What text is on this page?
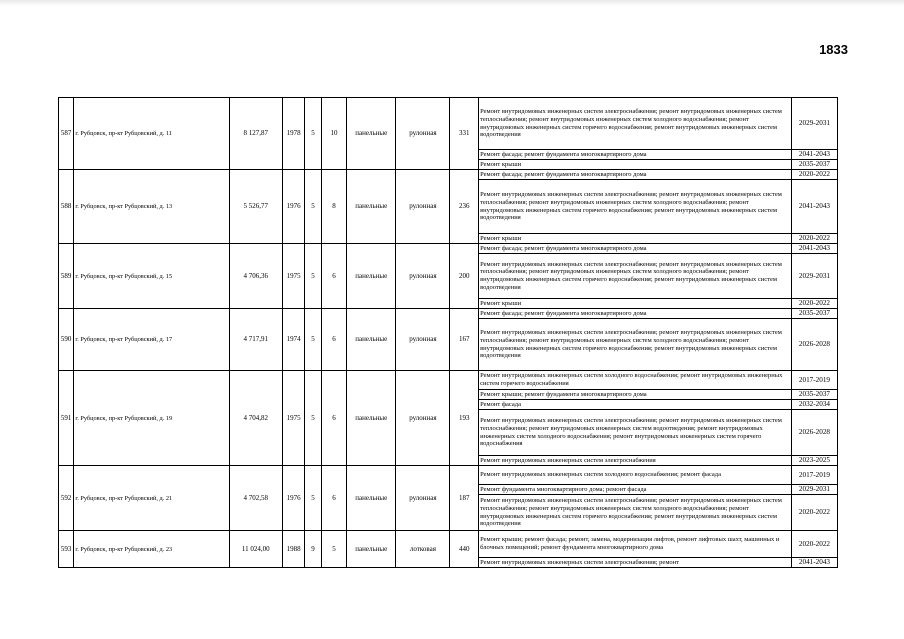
1833
587	г. Рубцовск, пр-кт Рубцовский, д. 11	8 127,87	1978	5	10	панельные	рулонная	331	Ремонт внутридомовых инженерных систем электроснабжения; ремонт внутридомовых инженерных систем теплоснабжения; ремонт внутридомовых инженерных систем холодного водоснабжения; ремонт внутридомовых инженерных систем горячего водоснабжения; ремонт внутридомовых инженерных систем водоотведения	2029-2031
									Ремонт фасада; ремонт фундамента многоквартирного дома	2041-2043
									Ремонт крыши	2035-2037
588	г. Рубцовск, пр-кт Рубцовский, д. 13	5 526,77	1976	5	8	панельные	рулонная	236	Ремонт фасада; ремонт фундамента многоквартирного дома	2020-2022
									Ремонт внутридомовых инженерных систем электроснабжения; ремонт внутридомовых инженерных систем теплоснабжения; ремонт внутридомовых инженерных систем холодного водоснабжения; ремонт внутридомовых инженерных систем горячего водоснабжения; ремонт внутридомовых инженерных систем водоотведения	2041-2043
									Ремонт крыши	2020-2022
589	г. Рубцовск, пр-кт Рубцовский, д. 15	4 706,36	1975	5	6	панельные	рулонная	200	Ремонт фасада; ремонт фундамента многоквартирного дома	2041-2043
									Ремонт внутридомовых инженерных систем электроснабжения; ремонт внутридомовых инженерных систем теплоснабжения; ремонт внутридомовых инженерных систем холодного водоснабжения; ремонт внутридомовых инженерных систем горячего водоснабжения; ремонт внутридомовых инженерных систем водоотведения	2029-2031
									Ремонт крыши	2020-2022
590	г. Рубцовск, пр-кт Рубцовский, д. 17	4 717,91	1974	5	6	панельные	рулонная	167	Ремонт фасада; ремонт фундамента многоквартирного дома	2035-2037
									Ремонт внутридомовых инженерных систем электроснабжения; ремонт внутридомовых инженерных систем теплоснабжения; ремонт внутридомовых инженерных систем холодного водоснабжения; ремонт внутридомовых инженерных систем горячего водоснабжения; ремонт внутридомовых инженерных систем водоотведения	2026-2028
591	г. Рубцовск, пр-кт Рубцовский, д. 19	4 704,82	1975	5	6	панельные	рулонная	193	Ремонт внутридомовых инженерных систем холодного водоснабжения; ремонт внутридомовых инженерных систем горячего водоснабжения	2017-2019
									Ремонт крыши; ремонт фундамента многоквартирного дома	2035-2037
									Ремонт фасада	2032-2034
									Ремонт внутридомовых инженерных систем электроснабжения; ремонт внутридомовых инженерных систем теплоснабжения; ремонт внутридомовых инженерных систем водоотведения; ремонт внутридомовых инженерных систем холодного водоснабжения; ремонт внутридомовых инженерных систем горячего водоснабжения	2026-2028
									Ремонт внутридомовых инженерных систем электроснабжения	2023-2025
592	г. Рубцовск, пр-кт Рубцовский, д. 21	4 702,58	1976	5	6	панельные	рулонная	187	Ремонт внутридомовых инженерных систем холодного водоснабжения; ремонт фасада	2017-2019
									Ремонт фундамента многоквартирного дома; ремонт фасада	2029-2031
									Ремонт внутридомовых инженерных систем электроснабжения; ремонт внутридомовых инженерных систем теплоснабжения; ремонт внутридомовых инженерных систем холодного водоснабжения; ремонт внутридомовых инженерных систем горячего водоснабжения; ремонт внутридомовых инженерных систем водоотведения	2020-2022
593	г. Рубцовск, пр-кт Рубцовский, д. 23	11 024,00	1988	9	5	панельные	лотковая	440	Ремонт крыши; ремонт фасада; ремонт, замена, модернизация лифтов, ремонт лифтовых шахт, машинных и блочных помещений; ремонт фундамента многоквартирного дома	2020-2022
									Ремонт внутридомовых инженерных систем электроснабжения; ремонт	2041-2043
